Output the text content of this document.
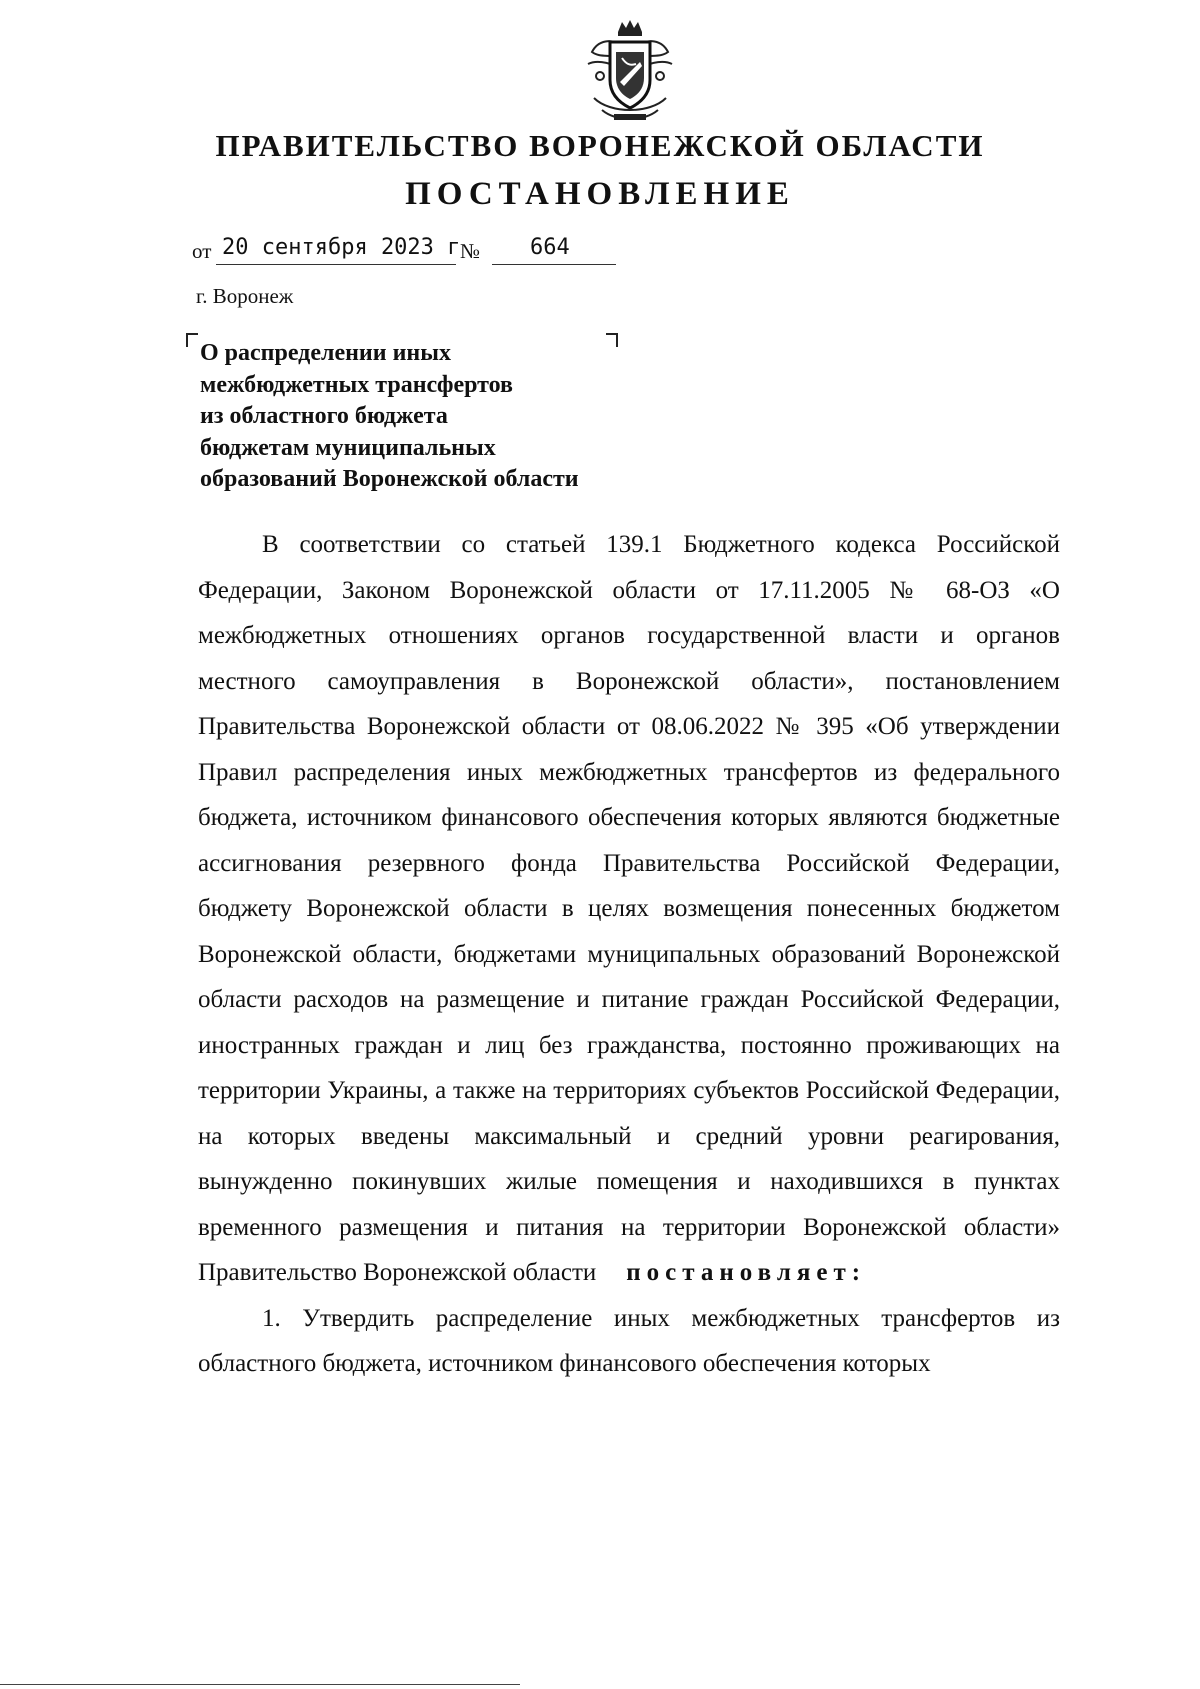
ПРАВИТЕЛЬСТВО ВОРОНЕЖСКОЙ ОБЛАСТИ
ПОСТАНОВЛЕНИЕ
от 20 сентября 2023 г № 664
г. Воронеж
О распределении иных
межбюджетных трансфертов
из областного бюджета
бюджетам муниципальных
образований Воронежской области

В соответствии со статьей 139.1 Бюджетного кодекса Российской Федерации, Законом Воронежской области от 17.11.2005 № 68-ОЗ «О межбюджетных отношениях органов государственной власти и органов местного самоуправления в Воронежской области», постановлением Правительства Воронежской области от 08.06.2022 № 395 «Об утверждении Правил распределения иных межбюджетных трансфертов из федерального бюджета, источником финансового обеспечения которых являются бюджетные ассигнования резервного фонда Правительства Российской Федерации, бюджету Воронежской области в целях возмещения понесенных бюджетом Воронежской области, бюджетами муниципальных образований Воронежской области расходов на размещение и питание граждан Российской Федерации, иностранных граждан и лиц без гражданства, постоянно проживающих на территории Украины, а также на территориях субъектов Российской Федерации, на которых введены максимальный и средний уровни реагирования, вынужденно покинувших жилые помещения и находившихся в пунктах временного размещения и питания на территории Воронежской области» Правительство Воронежской области постановляет:

1. Утвердить распределение иных межбюджетных трансфертов из областного бюджета, источником финансового обеспечения которых
